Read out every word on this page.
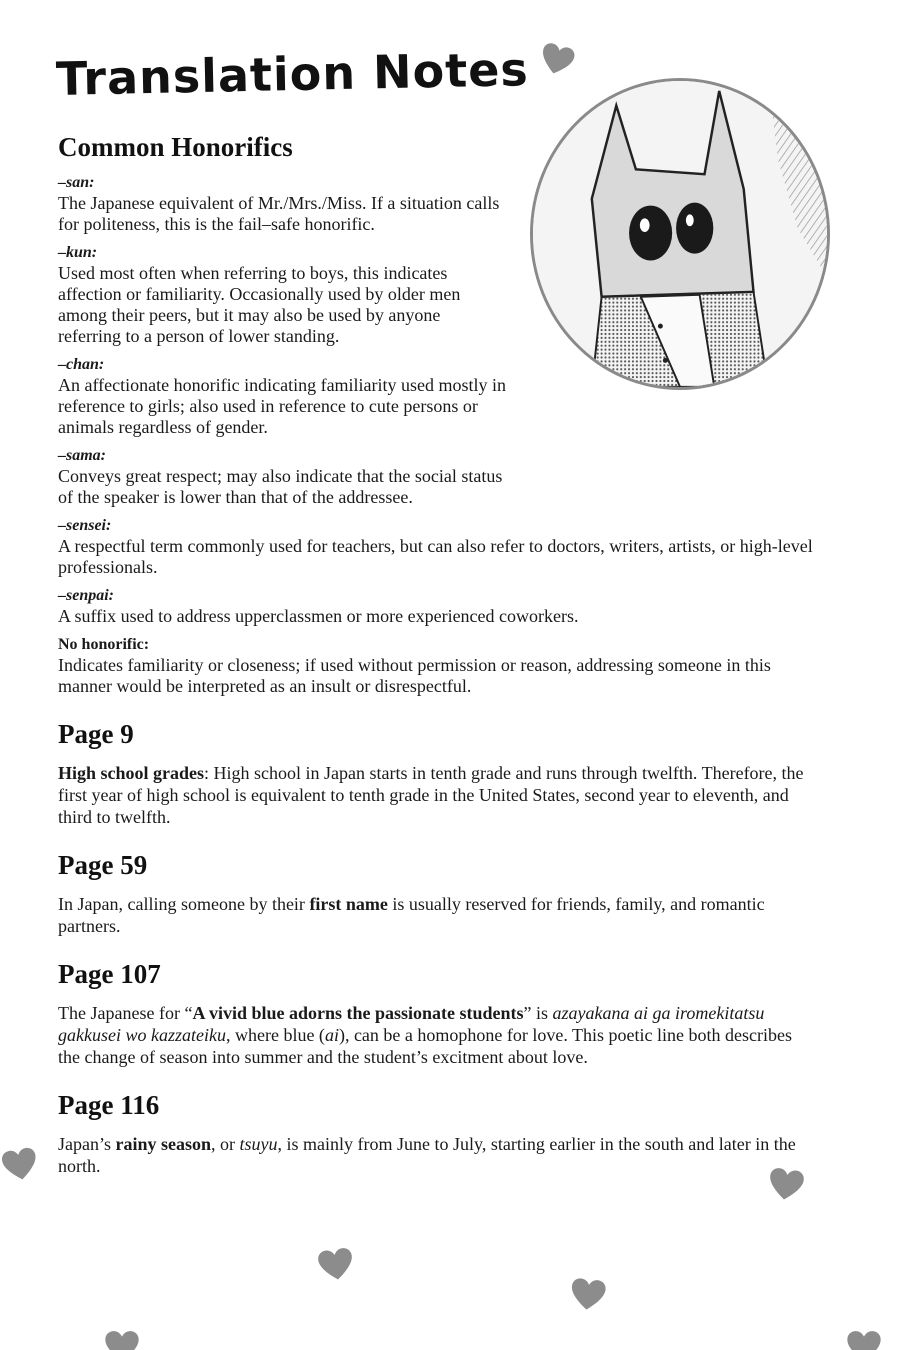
Translation Notes
Common Honorifics
–san:
The Japanese equivalent of Mr./Mrs./Miss. If a situation calls for politeness, this is the fail–safe honorific.
–kun:
Used most often when referring to boys, this indicates affection or familiarity. Occasionally used by older men among their peers, but it may also be used by anyone referring to a person of lower standing.
–chan:
An affectionate honorific indicating familiarity used mostly in reference to girls; also used in reference to cute persons or animals regardless of gender.
–sama:
Conveys great respect; may also indicate that the social status of the speaker is lower than that of the addressee.
–sensei:
A respectful term commonly used for teachers, but can also refer to doctors, writers, artists, or high-level professionals.
–senpai:
A suffix used to address upperclassmen or more experienced coworkers.
No honorific:
Indicates familiarity or closeness; if used without permission or reason, addressing someone in this manner would be interpreted as an insult or disrespectful.
Page 9

High school grades: High school in Japan starts in tenth grade and runs through twelfth. Therefore, the first year of high school is equivalent to tenth grade in the United States, second year to eleventh, and third to twelfth.

Page 59

In Japan, calling someone by their first name is usually reserved for friends, family, and romantic partners.

Page 107

The Japanese for “A vivid blue adorns the passionate students” is azayakana ai ga iromekitatsu gakkusei wo kazzateiku, where blue (ai), can be a homophone for love. This poetic line both describes the change of season into summer and the student’s excitment about love.

Page 116

Japan’s rainy season, or tsuyu, is mainly from June to July, starting earlier in the south and later in the north.
